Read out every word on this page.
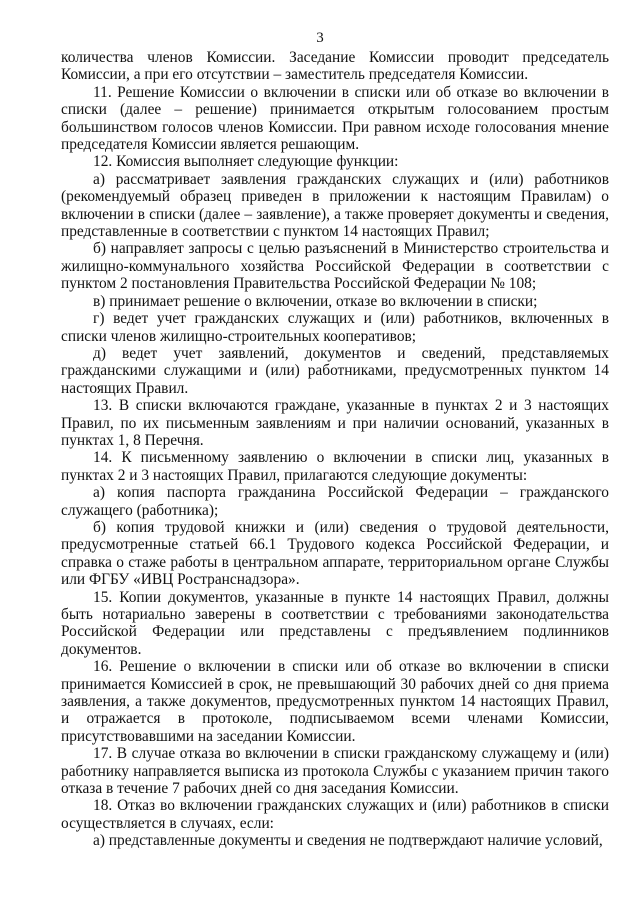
3

количества членов Комиссии. Заседание Комиссии проводит председатель Комиссии, а при его отсутствии – заместитель председателя Комиссии.

11. Решение Комиссии о включении в списки или об отказе во включении в списки (далее – решение) принимается открытым голосованием простым большинством голосов членов Комиссии. При равном исходе голосования мнение председателя Комиссии является решающим.

12. Комиссия выполняет следующие функции:

а) рассматривает заявления гражданских служащих и (или) работников (рекомендуемый образец приведен в приложении к настоящим Правилам) о включении в списки (далее – заявление), а также проверяет документы и сведения, представленные в соответствии с пунктом 14 настоящих Правил;

б) направляет запросы с целью разъяснений в Министерство строительства и жилищно-коммунального хозяйства Российской Федерации в соответствии с пунктом 2 постановления Правительства Российской Федерации № 108;

в) принимает решение о включении, отказе во включении в списки;

г) ведет учет гражданских служащих и (или) работников, включенных в списки членов жилищно-строительных кооперативов;

д) ведет учет заявлений, документов и сведений, представляемых гражданскими служащими и (или) работниками, предусмотренных пунктом 14 настоящих Правил.

13. В списки включаются граждане, указанные в пунктах 2 и 3 настоящих Правил, по их письменным заявлениям и при наличии оснований, указанных в пунктах 1, 8 Перечня.

14. К письменному заявлению о включении в списки лиц, указанных в пунктах 2 и 3 настоящих Правил, прилагаются следующие документы:

а) копия паспорта гражданина Российской Федерации – гражданского служащего (работника);

б) копия трудовой книжки и (или) сведения о трудовой деятельности, предусмотренные статьей 66.1 Трудового кодекса Российской Федерации, и справка о стаже работы в центральном аппарате, территориальном органе Службы или ФГБУ «ИВЦ Ространснадзора».

15. Копии документов, указанные в пункте 14 настоящих Правил, должны быть нотариально заверены в соответствии с требованиями законодательства Российской Федерации или представлены с предъявлением подлинников документов.

16. Решение о включении в списки или об отказе во включении в списки принимается Комиссией в срок, не превышающий 30 рабочих дней со дня приема заявления, а также документов, предусмотренных пунктом 14 настоящих Правил, и отражается в протоколе, подписываемом всеми членами Комиссии, присутствовавшими на заседании Комиссии.

17. В случае отказа во включении в списки гражданскому служащему и (или) работнику направляется выписка из протокола Службы с указанием причин такого отказа в течение 7 рабочих дней со дня заседания Комиссии.

18. Отказ во включении гражданских служащих и (или) работников в списки осуществляется в случаях, если:

а) представленные документы и сведения не подтверждают наличие условий,
